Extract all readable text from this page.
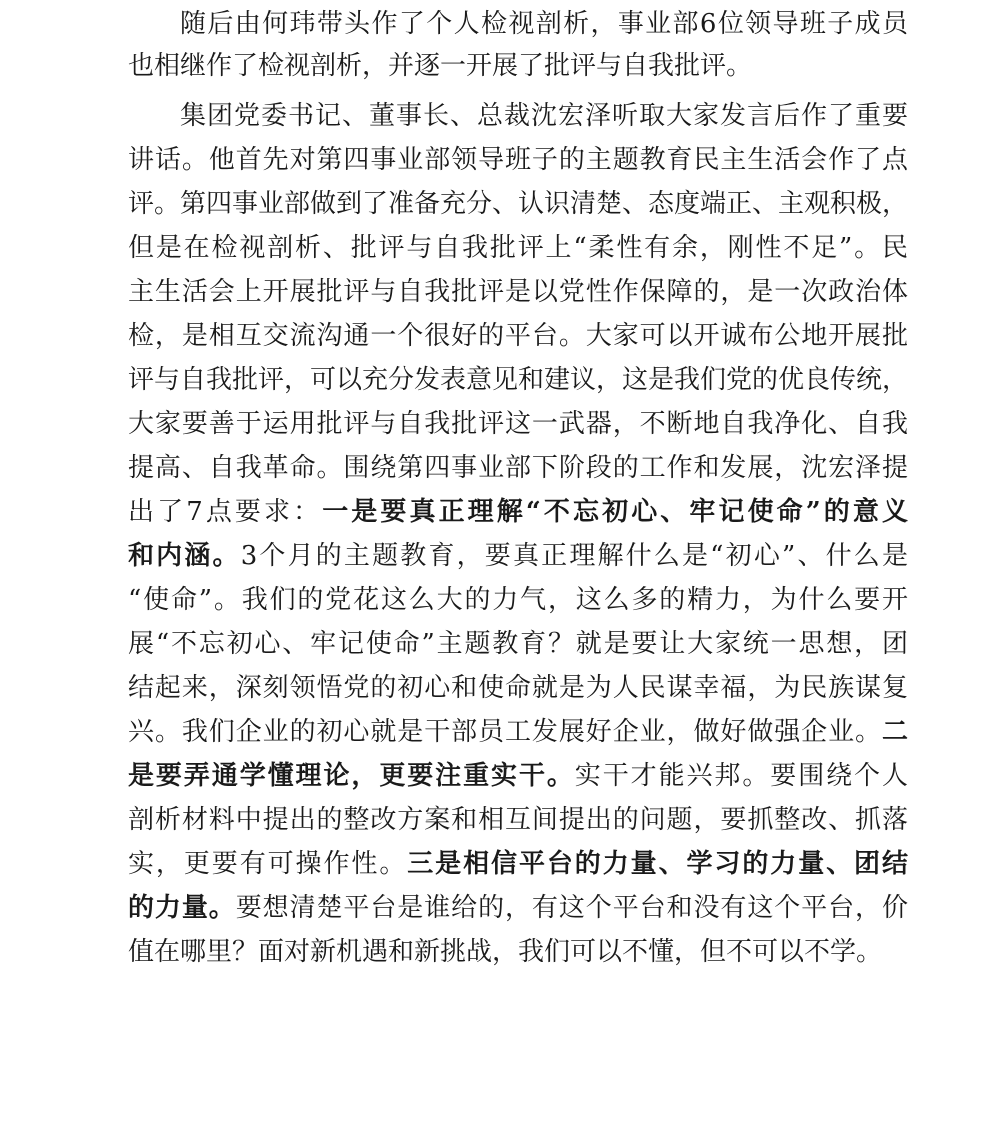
随后由何玮带头作了个人检视剖析，事业部6位领导班子成员
也相继作了检视剖析，并逐一开展了批评与自我批评。
集团党委书记、董事长、总裁沈宏泽听取大家发言后作了重要
讲话。他首先对第四事业部领导班子的主题教育民主生活会作了点
评。第四事业部做到了准备充分、认识清楚、态度端正、主观积极，
但是在检视剖析、批评与自我批评上“柔性有余，刚性不足”。民
主生活会上开展批评与自我批评是以党性作保障的，是一次政治体
检，是相互交流沟通一个很好的平台。大家可以开诚布公地开展批
评与自我批评，可以充分发表意见和建议，这是我们党的优良传统，
大家要善于运用批评与自我批评这一武器，不断地自我净化、自我
提高、自我革命。围绕第四事业部下阶段的工作和发展，沈宏泽提
出了7点要求：一是要真正理解“不忘初心、牢记使命”的意义
和内涵。3个月的主题教育，要真正理解什么是“初心”、什么是
“使命”。我们的党花这么大的力气，这么多的精力，为什么要开
展“不忘初心、牢记使命”主题教育？就是要让大家统一思想，团
结起来，深刻领悟党的初心和使命就是为人民谋幸福，为民族谋复
兴。我们企业的初心就是干部员工发展好企业，做好做强企业。二
是要弄通学懂理论，更要注重实干。实干才能兴邦。要围绕个人
剖析材料中提出的整改方案和相互间提出的问题，要抓整改、抓落
实，更要有可操作性。三是相信平台的力量、学习的力量、团结
的力量。要想清楚平台是谁给的，有这个平台和没有这个平台，价
值在哪里？面对新机遇和新挑战，我们可以不懂，但不可以不学。
